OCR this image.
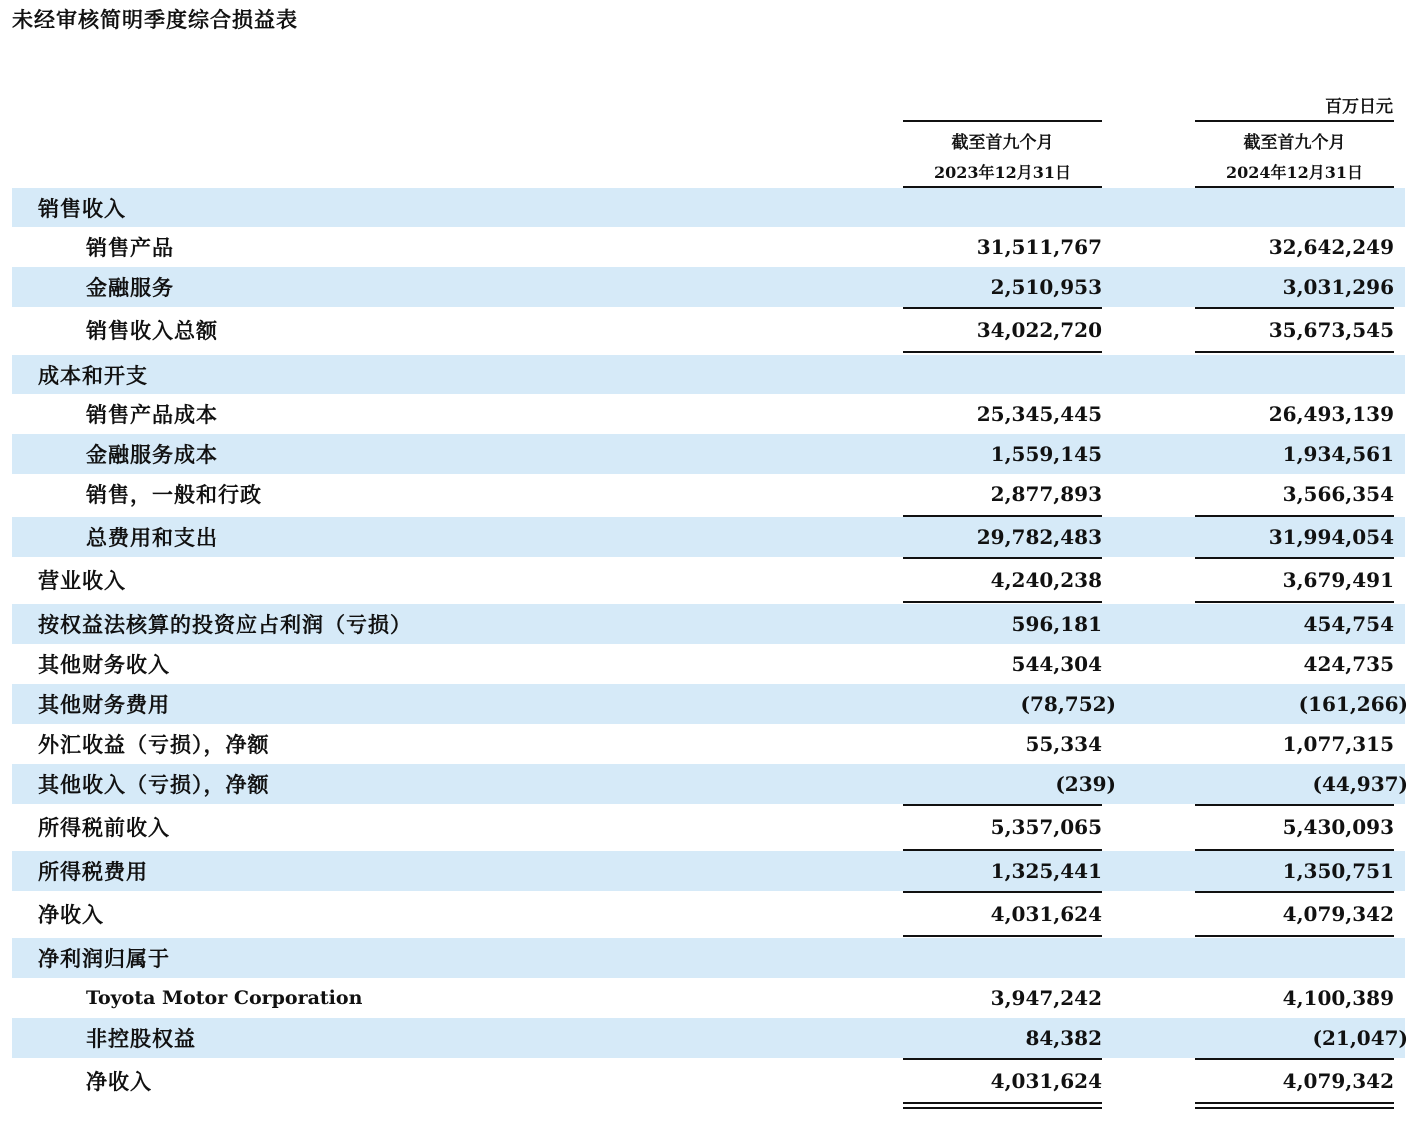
未经审核简明季度综合损益表
百万日元
截至首九个月
2023年12月31日
截至首九个月
2024年12月31日
销售收入
销售产品	31,511,767	32,642,249
金融服务	2,510,953	3,031,296
销售收入总额	34,022,720	35,673,545
成本和开支
销售产品成本	25,345,445	26,493,139
金融服务成本	1,559,145	1,934,561
销售，一般和行政	2,877,893	3,566,354
总费用和支出	29,782,483	31,994,054
营业收入	4,240,238	3,679,491
按权益法核算的投资应占利润（亏损）	596,181	454,754
其他财务收入	544,304	424,735
其他财务费用	(78,752)	(161,266)
外汇收益（亏损），净额	55,334	1,077,315
其他收入（亏损），净额	(239)	(44,937)
所得税前收入	5,357,065	5,430,093
所得税费用	1,325,441	1,350,751
净收入	4,031,624	4,079,342
净利润归属于
Toyota Motor Corporation	3,947,242	4,100,389
非控股权益	84,382	(21,047)
净收入	4,031,624	4,079,342
